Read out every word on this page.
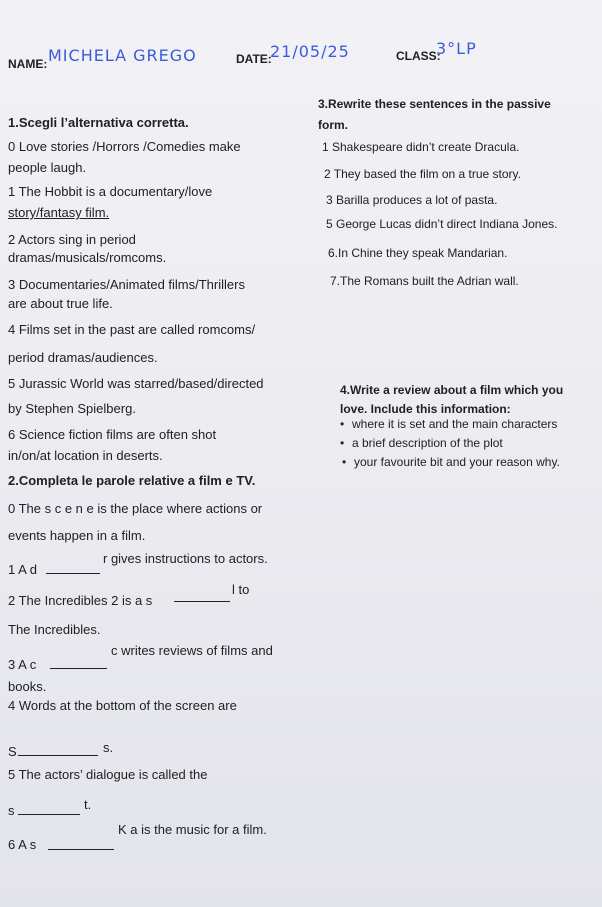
NAME: MICHELA GREGO	DATE:
21/05/25	CLASS:
3°LP
1.Scegli l’alternativa corretta.
0 Love stories /Horrors /Comedies make
people laugh.
1 The Hobbit is a documentary/love
story/fantasy film.
2 Actors sing in period
dramas/musicals/romcoms.
3 Documentaries/Animated films/Thrillers
are about true life.
4 Films set in the past are called romcoms/
period dramas/audiences.
5 Jurassic World was starred/based/directed
by Stephen Spielberg.
6 Science fiction films are often shot
in/on/at location in deserts.
2.Completa le parole relative a film e TV.
0 The s c e n e is the place where actions or
events happen in a film.
1 A d
r gives instructions to actors.
2 The Incredibles 2 is a s
l to
The Incredibles.
3 A c
c writes reviews of films and
books.
4 Words at the bottom of the screen are
S	s.
5 The actors’ dialogue is called the
s	t.
6 A s
K a is the music for a film.
3.Rewrite these sentences in the passive
form.
1 Shakespeare didn’t create Dracula.
2 They based the film on a true story.
3 Barilla produces a lot of pasta.
5 George Lucas didn’t direct Indiana Jones.
6.In Chine they speak Mandarian.
7.The Romans built the Adrian wall.
4.Write a review about a film which you
love. Include this information:
• where it is set and the main characters
• a brief description of the plot
• your favourite bit and your reason why.
